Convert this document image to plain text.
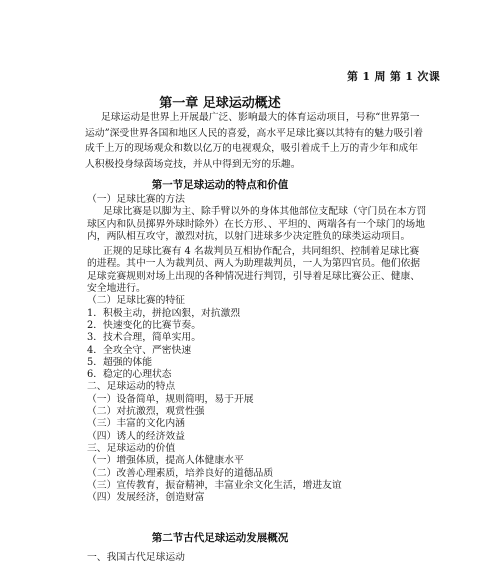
第 1 周 第 1 次课
第一章 足球运动概述

足球运动是世界上开展最广泛、影响最大的体育运动项目，号称“世界第一运动”深受世界各国和地区人民的喜爱，高水平足球比赛以其特有的魅力吸引着成千上万的现场观众和数以亿万的电视观众，吸引着成千上万的青少年和成年人积极投身绿茵场竞技，并从中得到无穷的乐趣。

第一节足球运动的特点和价值

（一）足球比赛的方法

足球比赛是以脚为主、除手臂以外的身体其他部位支配球（守门员在本方罚球区内和队员掷界外球时除外）在长方形、、平坦的、两端各有一个球门的场地内，两队相互攻守，激烈对抗，以射门进球多少决定胜负的球类运动项目。

正规的足球比赛有 4 名裁判员互相协作配合，共同组织、控制着足球比赛的进程。其中一人为裁判员、两人为助理裁判员，一人为第四官员。他们依据足球竞赛规则对场上出现的各种情况进行判罚，引导着足球比赛公正、健康、安全地进行。

（二）足球比赛的特征

1．积极主动，拼抢凶狠，对抗激烈

2．快速变化的比赛节奏。

3．技术合理，简单实用。

4．全攻全守、严密快速

5．超强的体能

6．稳定的心理状态

二、足球运动的特点

（一）设备简单，规则简明，易于开展

（二）对抗激烈，观赏性强

（三）丰富的文化内涵

（四）诱人的经济效益

三、足球运动的价值

（一）增强体质，提高人体健康水平

（二）改善心理素质，培养良好的道德品质

（三）宣传教育，振奋精神，丰富业余文化生活，增进友谊

（四）发展经济，创造财富

第二节古代足球运动发展概况
一、我国古代足球运动
